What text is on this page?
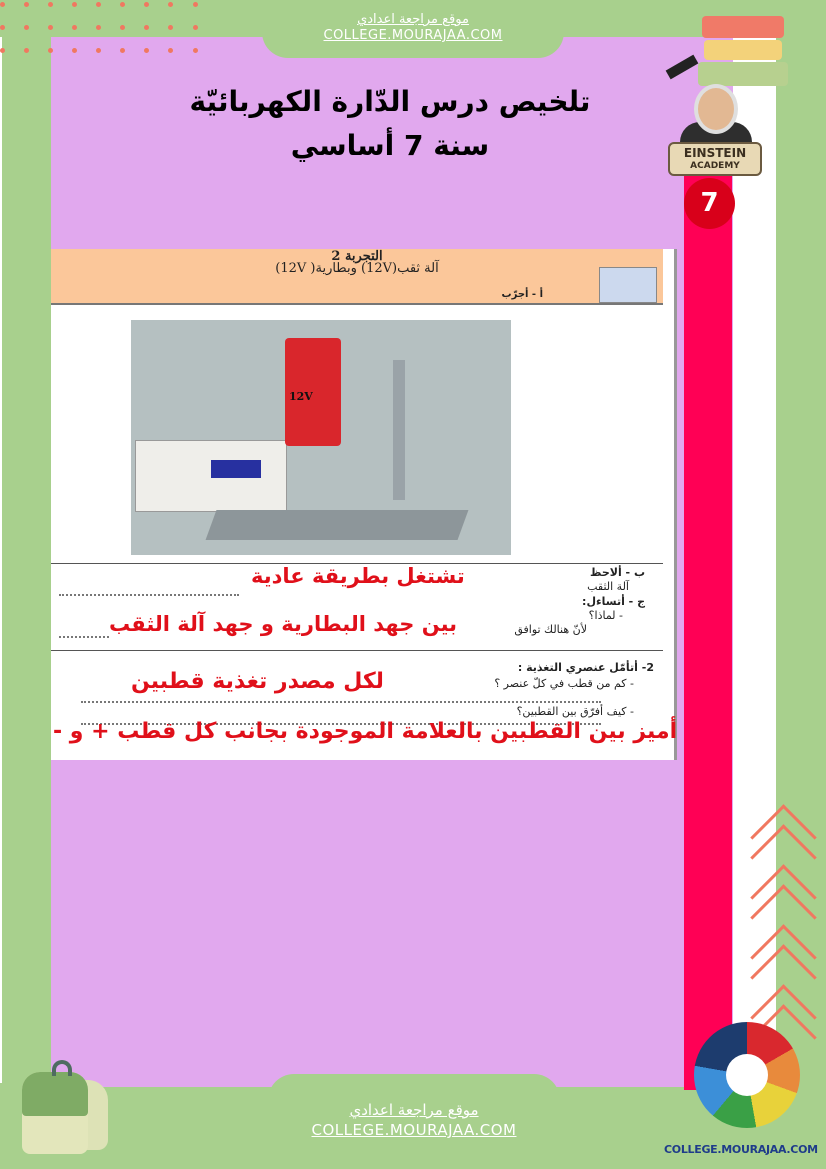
موقع مراجعة اعدادي
COLLEGE.MOURAJAA.COM
تلخيص درس الدّارة الكهربائيّة
سنة 7 أساسي	EINSTEIN
ACADEMY
7
التجربة 2
آلة ثقب(12V) وبطارية( 12V)
أ - أجرّب
12V
ب - ألاحظ
آلة الثقب
تشتغل بطريقة عادية
ج - أتساءل:
- لماذا؟
لأنّ هنالك توافق
بين جهد البطارية و جهد آلة الثقب
2- أتأمّل عنصري التغذية :
- كم من قطب في كلّ عنصر ؟
لكل مصدر تغذية قطبين
- كيف أفرّق بين القطبين؟
أميز بين القطبين بالعلامة الموجودة بجانب كل قطب + و -
COLLEGE.MOURAJAA.COM
موقع مراجعة اعدادي
COLLEGE.MOURAJAA.COM
